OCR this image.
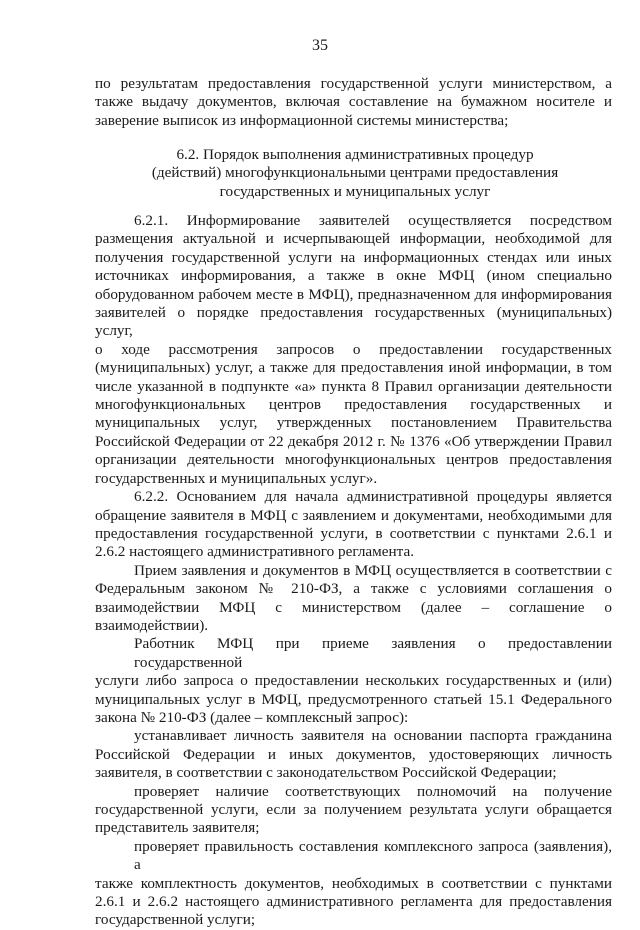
35

по результатам предоставления государственной услуги министерством, а
также выдачу документов, включая составление на бумажном носителе и
заверение выписок из информационной системы министерства;

6.2. Порядок выполнения административных процедур
(действий) многофункциональными центрами предоставления
государственных и муниципальных услуг

6.2.1. Информирование заявителей осуществляется посредством
размещения актуальной и исчерпывающей информации, необходимой для
получения государственной услуги на информационных стендах или иных
источниках информирования, а также в окне МФЦ (ином специально
оборудованном рабочем месте в МФЦ), предназначенном для информирования
заявителей о порядке предоставления государственных (муниципальных) услуг,
о ходе рассмотрения запросов о предоставлении государственных
(муниципальных) услуг, а также для предоставления иной информации, в том
числе указанной в подпункте «а» пункта 8 Правил организации деятельности
многофункциональных центров предоставления государственных и
муниципальных услуг, утвержденных постановлением Правительства
Российской Федерации от 22 декабря 2012 г. № 1376 «Об утверждении Правил
организации деятельности многофункциональных центров предоставления
государственных и муниципальных услуг».

6.2.2. Основанием для начала административной процедуры является
обращение заявителя в МФЦ с заявлением и документами, необходимыми для
предоставления государственной услуги, в соответствии с пунктами 2.6.1 и
2.6.2 настоящего административного регламента.

Прием заявления и документов в МФЦ осуществляется в соответствии с
Федеральным законом № 210-ФЗ, а также с условиями соглашения о
взаимодействии МФЦ с министерством (далее – соглашение о
взаимодействии).

Работник МФЦ при приеме заявления о предоставлении государственной
услуги либо запроса о предоставлении нескольких государственных и (или)
муниципальных услуг в МФЦ, предусмотренного статьей 15.1 Федерального
закона № 210-ФЗ (далее – комплексный запрос):

устанавливает личность заявителя на основании паспорта гражданина
Российской Федерации и иных документов, удостоверяющих личность
заявителя, в соответствии с законодательством Российской Федерации;

проверяет наличие соответствующих полномочий на получение
государственной услуги, если за получением результата услуги обращается
представитель заявителя;

проверяет правильность составления комплексного запроса (заявления), а
также комплектность документов, необходимых в соответствии с пунктами
2.6.1 и 2.6.2 настоящего административного регламента для предоставления
государственной услуги;
